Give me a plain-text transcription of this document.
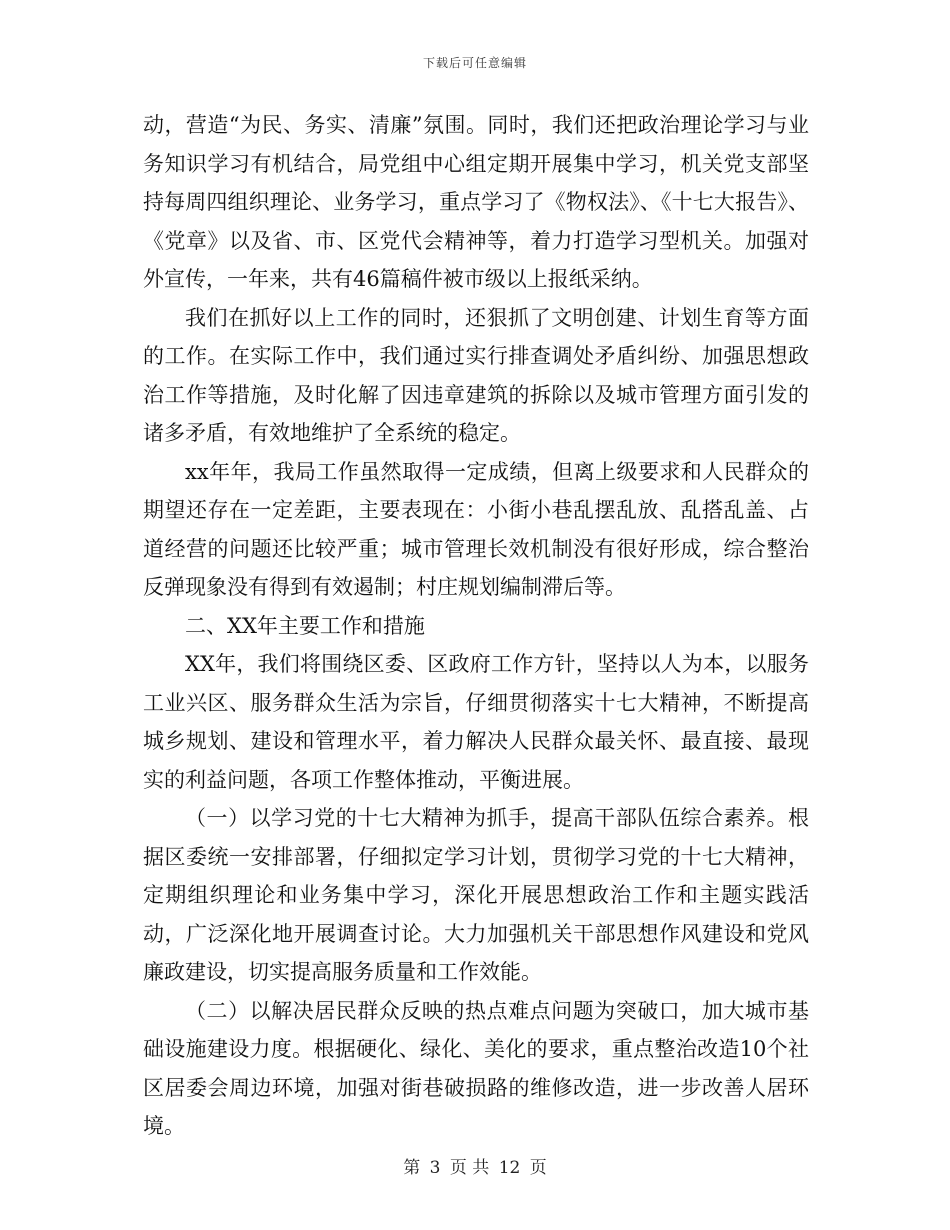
下载后可任意编辑

动，营造“为民、务实、清廉”氛围。同时，我们还把政治理论学习与业务知识学习有机结合，局党组中心组定期开展集中学习，机关党支部坚持每周四组织理论、业务学习，重点学习了《物权法》、《十七大报告》、《党章》以及省、市、区党代会精神等，着力打造学习型机关。加强对外宣传，一年来，共有46篇稿件被市级以上报纸采纳。

我们在抓好以上工作的同时，还狠抓了文明创建、计划生育等方面的工作。在实际工作中，我们通过实行排查调处矛盾纠纷、加强思想政治工作等措施，及时化解了因违章建筑的拆除以及城市管理方面引发的诸多矛盾，有效地维护了全系统的稳定。

xx年年，我局工作虽然取得一定成绩，但离上级要求和人民群众的期望还存在一定差距，主要表现在：小街小巷乱摆乱放、乱搭乱盖、占道经营的问题还比较严重；城市管理长效机制没有很好形成，综合整治反弹现象没有得到有效遏制；村庄规划编制滞后等。

二、XX年主要工作和措施

XX年，我们将围绕区委、区政府工作方针，坚持以人为本，以服务工业兴区、服务群众生活为宗旨，仔细贯彻落实十七大精神，不断提高城乡规划、建设和管理水平，着力解决人民群众最关怀、最直接、最现实的利益问题，各项工作整体推动，平衡进展。

（一）以学习党的十七大精神为抓手，提高干部队伍综合素养。根据区委统一安排部署，仔细拟定学习计划，贯彻学习党的十七大精神，定期组织理论和业务集中学习，深化开展思想政治工作和主题实践活动，广泛深化地开展调查讨论。大力加强机关干部思想作风建设和党风廉政建设，切实提高服务质量和工作效能。

（二）以解决居民群众反映的热点难点问题为突破口，加大城市基础设施建设力度。根据硬化、绿化、美化的要求，重点整治改造10个社区居委会周边环境，加强对街巷破损路的维修改造，进一步改善人居环境。

第 3 页 共 12 页
